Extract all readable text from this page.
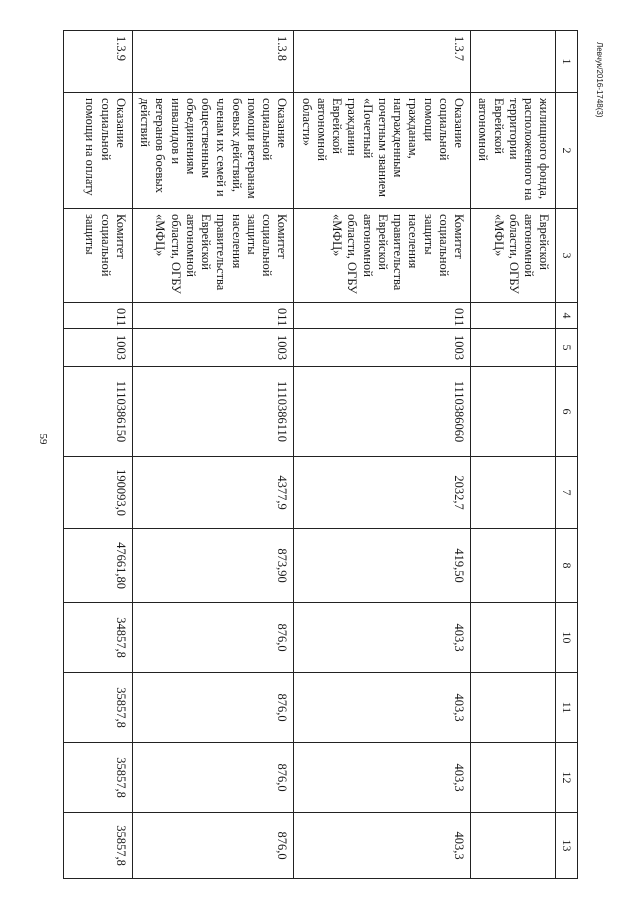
59
Левчук/2016-1748(3)
1	2	3	4	5	6	7	8	10	11	12	13
	жилищного фонда, расположенного на территории Еврейской автономной	Еврейской автономной области, ОГБУ «МФЦ»									
1.3.7	Оказание социальной помощи гражданам, награжденным почетным званием «Почетный гражданин Еврейской автономной области»	Комитет социальной защиты населения правительства Еврейской автономной области, ОГБУ «МФЦ»	011	1003	1110386060	2032,7	419,50	403,3	403,3	403,3	403,3
1.3.8	Оказание социальной помощи ветеранам боевых действий, членам их семей и общественным объединениям инвалидов и ветеранов боевых действий	Комитет социальной защиты населения правительства Еврейской автономной области, ОГБУ «МФЦ»	011	1003	1110386110	4377,9	873,90	876,0	876,0	876,0	876,0
1.3.9	Оказание социальной помощи на оплату	Комитет социальной защиты	011	1003	1110386150	190093,0	47661,80	34857,8	35857,8	35857,8	35857,8
